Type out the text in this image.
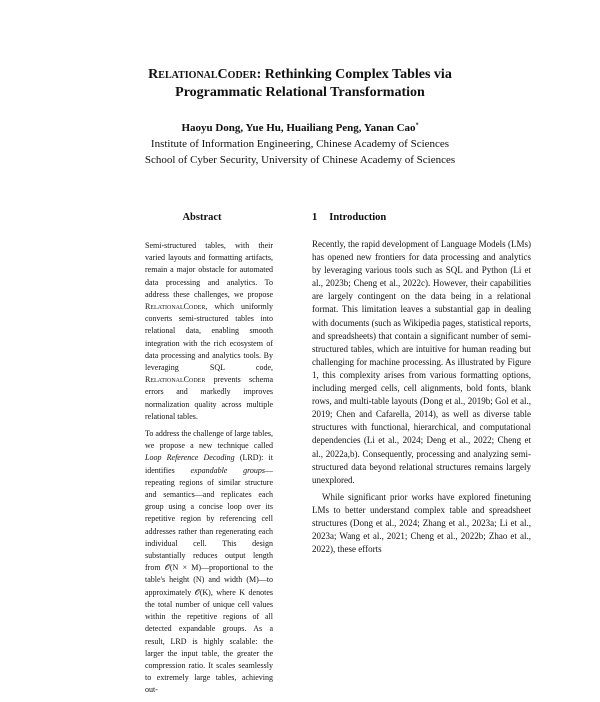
RelationalCoder: Rethinking Complex Tables via
Programmatic Relational Transformation
Haoyu Dong, Yue Hu, Huailiang Peng, Yanan Cao*
Institute of Information Engineering, Chinese Academy of Sciences
School of Cyber Security, University of Chinese Academy of Sciences
Abstract

Semi-structured tables, with their varied layouts and formatting artifacts, remain a major obstacle for automated data processing and analytics. To address these challenges, we propose RelationalCoder, which uniformly converts semi-structured tables into relational data, enabling smooth integration with the rich ecosystem of data processing and analytics tools. By leveraging SQL code, RelationalCoder prevents schema errors and markedly improves normalization quality across multiple relational tables.

To address the challenge of large tables, we propose a new technique called Loop Reference Decoding (LRD): it identifies expandable groups—repeating regions of similar structure and semantics—and replicates each group using a concise loop over its repetitive region by referencing cell addresses rather than regenerating each individual cell. This design substantially reduces output length from 𝒪(N × M)—proportional to the table's height (N) and width (M)—to approximately 𝒪(K), where K denotes the total number of unique cell values within the repetitive regions of all detected expandable groups. As a result, LRD is highly scalable: the larger the input table, the greater the compression ratio. It scales seamlessly to extremely large tables, achieving out-

1 Introduction

Recently, the rapid development of Language Models (LMs) has opened new frontiers for data processing and analytics by leveraging various tools such as SQL and Python (Li et al., 2023b; Cheng et al., 2022c). However, their capabilities are largely contingent on the data being in a relational format. This limitation leaves a substantial gap in dealing with documents (such as Wikipedia pages, statistical reports, and spreadsheets) that contain a significant number of semi-structured tables, which are intuitive for human reading but challenging for machine processing. As illustrated by Figure 1, this complexity arises from various formatting options, including merged cells, cell alignments, bold fonts, blank rows, and multi-table layouts (Dong et al., 2019b; Gol et al., 2019; Chen and Cafarella, 2014), as well as diverse table structures with functional, hierarchical, and computational dependencies (Li et al., 2024; Deng et al., 2022; Cheng et al., 2022a,b). Consequently, processing and analyzing semi-structured data beyond relational structures remains largely unexplored.

While significant prior works have explored finetuning LMs to better understand complex table and spreadsheet structures (Dong et al., 2024; Zhang et al., 2023a; Li et al., 2023a; Wang et al., 2021; Cheng et al., 2022b; Zhao et al., 2022), these efforts
